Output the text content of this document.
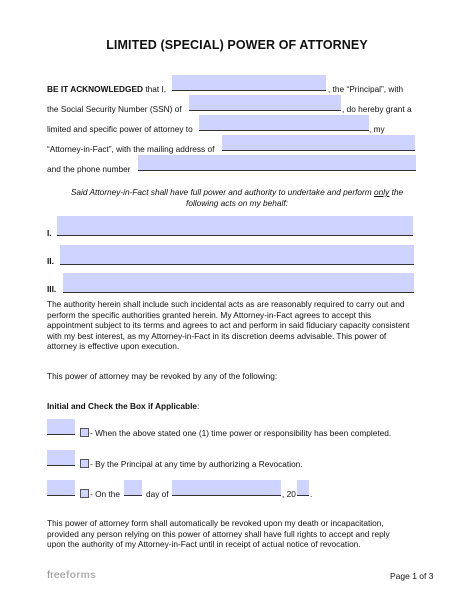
LIMITED (SPECIAL) POWER OF ATTORNEY
BE IT ACKNOWLEDGED that I,	, the “Principal”, with
the Social Security Number (SSN) of	, do hereby grant a
limited and specific power of attorney to	, my
“Attorney-in-Fact”, with the mailing address of
and the phone number
Said Attorney-in-Fact shall have full power and authority to undertake and perform only the
following acts on my behalf:
I.
II.
III.
The authority herein shall include such incidental acts as are reasonably required to carry out and
perform the specific authorities granted herein. My Attorney-in-Fact agrees to accept this
appointment subject to its terms and agrees to act and perform in said fiduciary capacity consistent
with my best interest, as my Attorney-in-Fact in its discretion deems advisable. This power of
attorney is effective upon execution.
This power of attorney may be revoked by any of the following:
Initial and Check the Box if Applicable:
- When the above stated one (1) time power or responsibility has been completed.
- By the Principal at any time by authorizing a Revocation.
- On the	day of	, 20 .
This power of attorney form shall automatically be revoked upon my death or incapacitation,
provided any person relying on this power of attorney shall have full rights to accept and reply
upon the authority of my Attorney-in-Fact until in receipt of actual notice of revocation.
freeforms	Page 1 of 3
